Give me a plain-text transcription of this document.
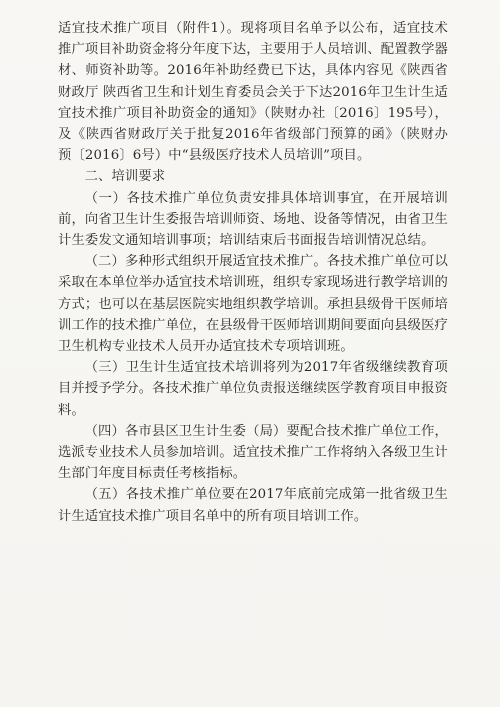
适宜技术推广项目（附件1）。现将项目名单予以公布，适宜技术推广项目补助资金将分年度下达，主要用于人员培训、配置教学器材、师资补助等。2016年补助经费已下达，具体内容见《陕西省财政厅 陕西省卫生和计划生育委员会关于下达2016年卫生计生适宜技术推广项目补助资金的通知》（陕财办社〔2016〕195号），及《陕西省财政厅关于批复2016年省级部门预算的函》（陕财办预〔2016〕6号）中“县级医疗技术人员培训”项目。

二、培训要求

（一）各技术推广单位负责安排具体培训事宜，在开展培训前，向省卫生计生委报告培训师资、场地、设备等情况，由省卫生计生委发文通知培训事项；培训结束后书面报告培训情况总结。

（二）多种形式组织开展适宜技术推广。各技术推广单位可以采取在本单位举办适宜技术培训班，组织专家现场进行教学培训的方式；也可以在基层医院实地组织教学培训。承担县级骨干医师培训工作的技术推广单位，在县级骨干医师培训期间要面向县级医疗卫生机构专业技术人员开办适宜技术专项培训班。

（三）卫生计生适宜技术培训将列为2017年省级继续教育项目并授予学分。各技术推广单位负责报送继续医学教育项目申报资料。

（四）各市县区卫生计生委（局）要配合技术推广单位工作，选派专业技术人员参加培训。适宜技术推广工作将纳入各级卫生计生部门年度目标责任考核指标。

（五）各技术推广单位要在2017年底前完成第一批省级卫生计生适宜技术推广项目名单中的所有项目培训工作。
